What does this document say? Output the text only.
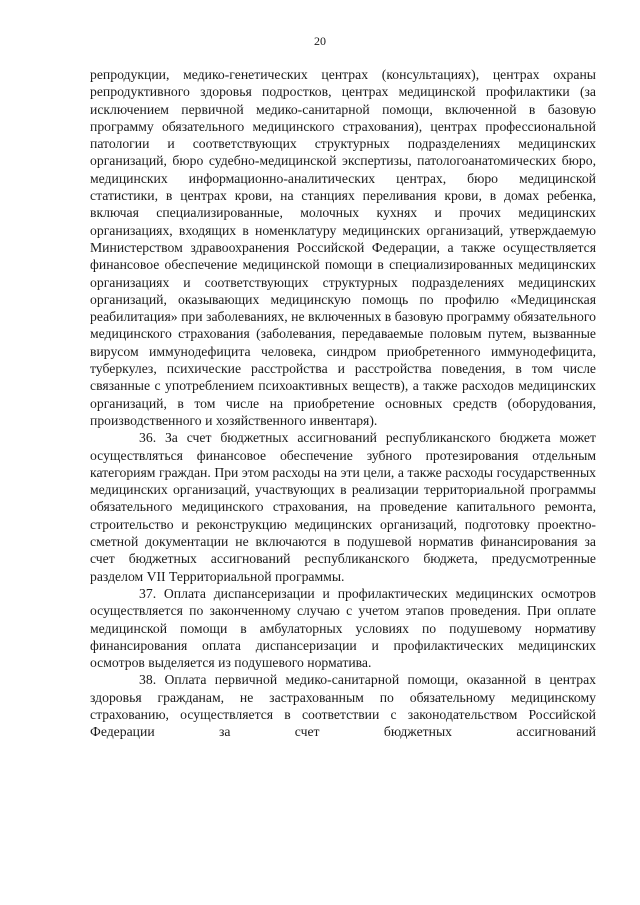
20

репродукции, медико-генетических центрах (консультациях), центрах охраны репродуктивного здоровья подростков, центрах медицинской профилактики (за исключением первичной медико-санитарной помощи, включенной в базовую программу обязательного медицинского страхования), центрах профессиональной патологии и соответствующих структурных подразделениях медицинских организаций, бюро судебно-медицинской экспертизы, патологоанатомических бюро, медицинских информационно-аналитических центрах, бюро медицинской статистики, в центрах крови, на станциях переливания крови, в домах ребенка, включая специализированные, молочных кухнях и прочих медицинских организациях, входящих в номенклатуру медицинских организаций, утверждаемую Министерством здравоохранения Российской Федерации, а также осуществляется финансовое обеспечение медицинской помощи в специализированных медицинских организациях и соответствующих структурных подразделениях медицинских организаций, оказывающих медицинскую помощь по профилю «Медицинская реабилитация» при заболеваниях, не включенных в базовую программу обязательного медицинского страхования (заболевания, передаваемые половым путем, вызванные вирусом иммунодефицита человека, синдром приобретенного иммунодефицита, туберкулез, психические расстройства и расстройства поведения, в том числе связанные с употреблением психоактивных веществ), а также расходов медицинских организаций, в том числе на приобретение основных средств (оборудования, производственного и хозяйственного инвентаря).

36. За счет бюджетных ассигнований республиканского бюджета может осуществляться финансовое обеспечение зубного протезирования отдельным категориям граждан. При этом расходы на эти цели, а также расходы государственных медицинских организаций, участвующих в реализации территориальной программы обязательного медицинского страхования, на проведение капитального ремонта, строительство и реконструкцию медицинских организаций, подготовку проектно-сметной документации не включаются в подушевой норматив финансирования за счет бюджетных ассигнований республиканского бюджета, предусмотренные разделом VII Территориальной программы.

37. Оплата диспансеризации и профилактических медицинских осмотров осуществляется по законченному случаю с учетом этапов проведения. При оплате медицинской помощи в амбулаторных условиях по подушевому нормативу финансирования оплата диспансеризации и профилактических медицинских осмотров выделяется из подушевого норматива.

38. Оплата первичной медико-санитарной помощи, оказанной в центрах здоровья гражданам, не застрахованным по обязательному медицинскому страхованию, осуществляется в соответствии с законодательством Российской Федерации за счет бюджетных ассигнований
